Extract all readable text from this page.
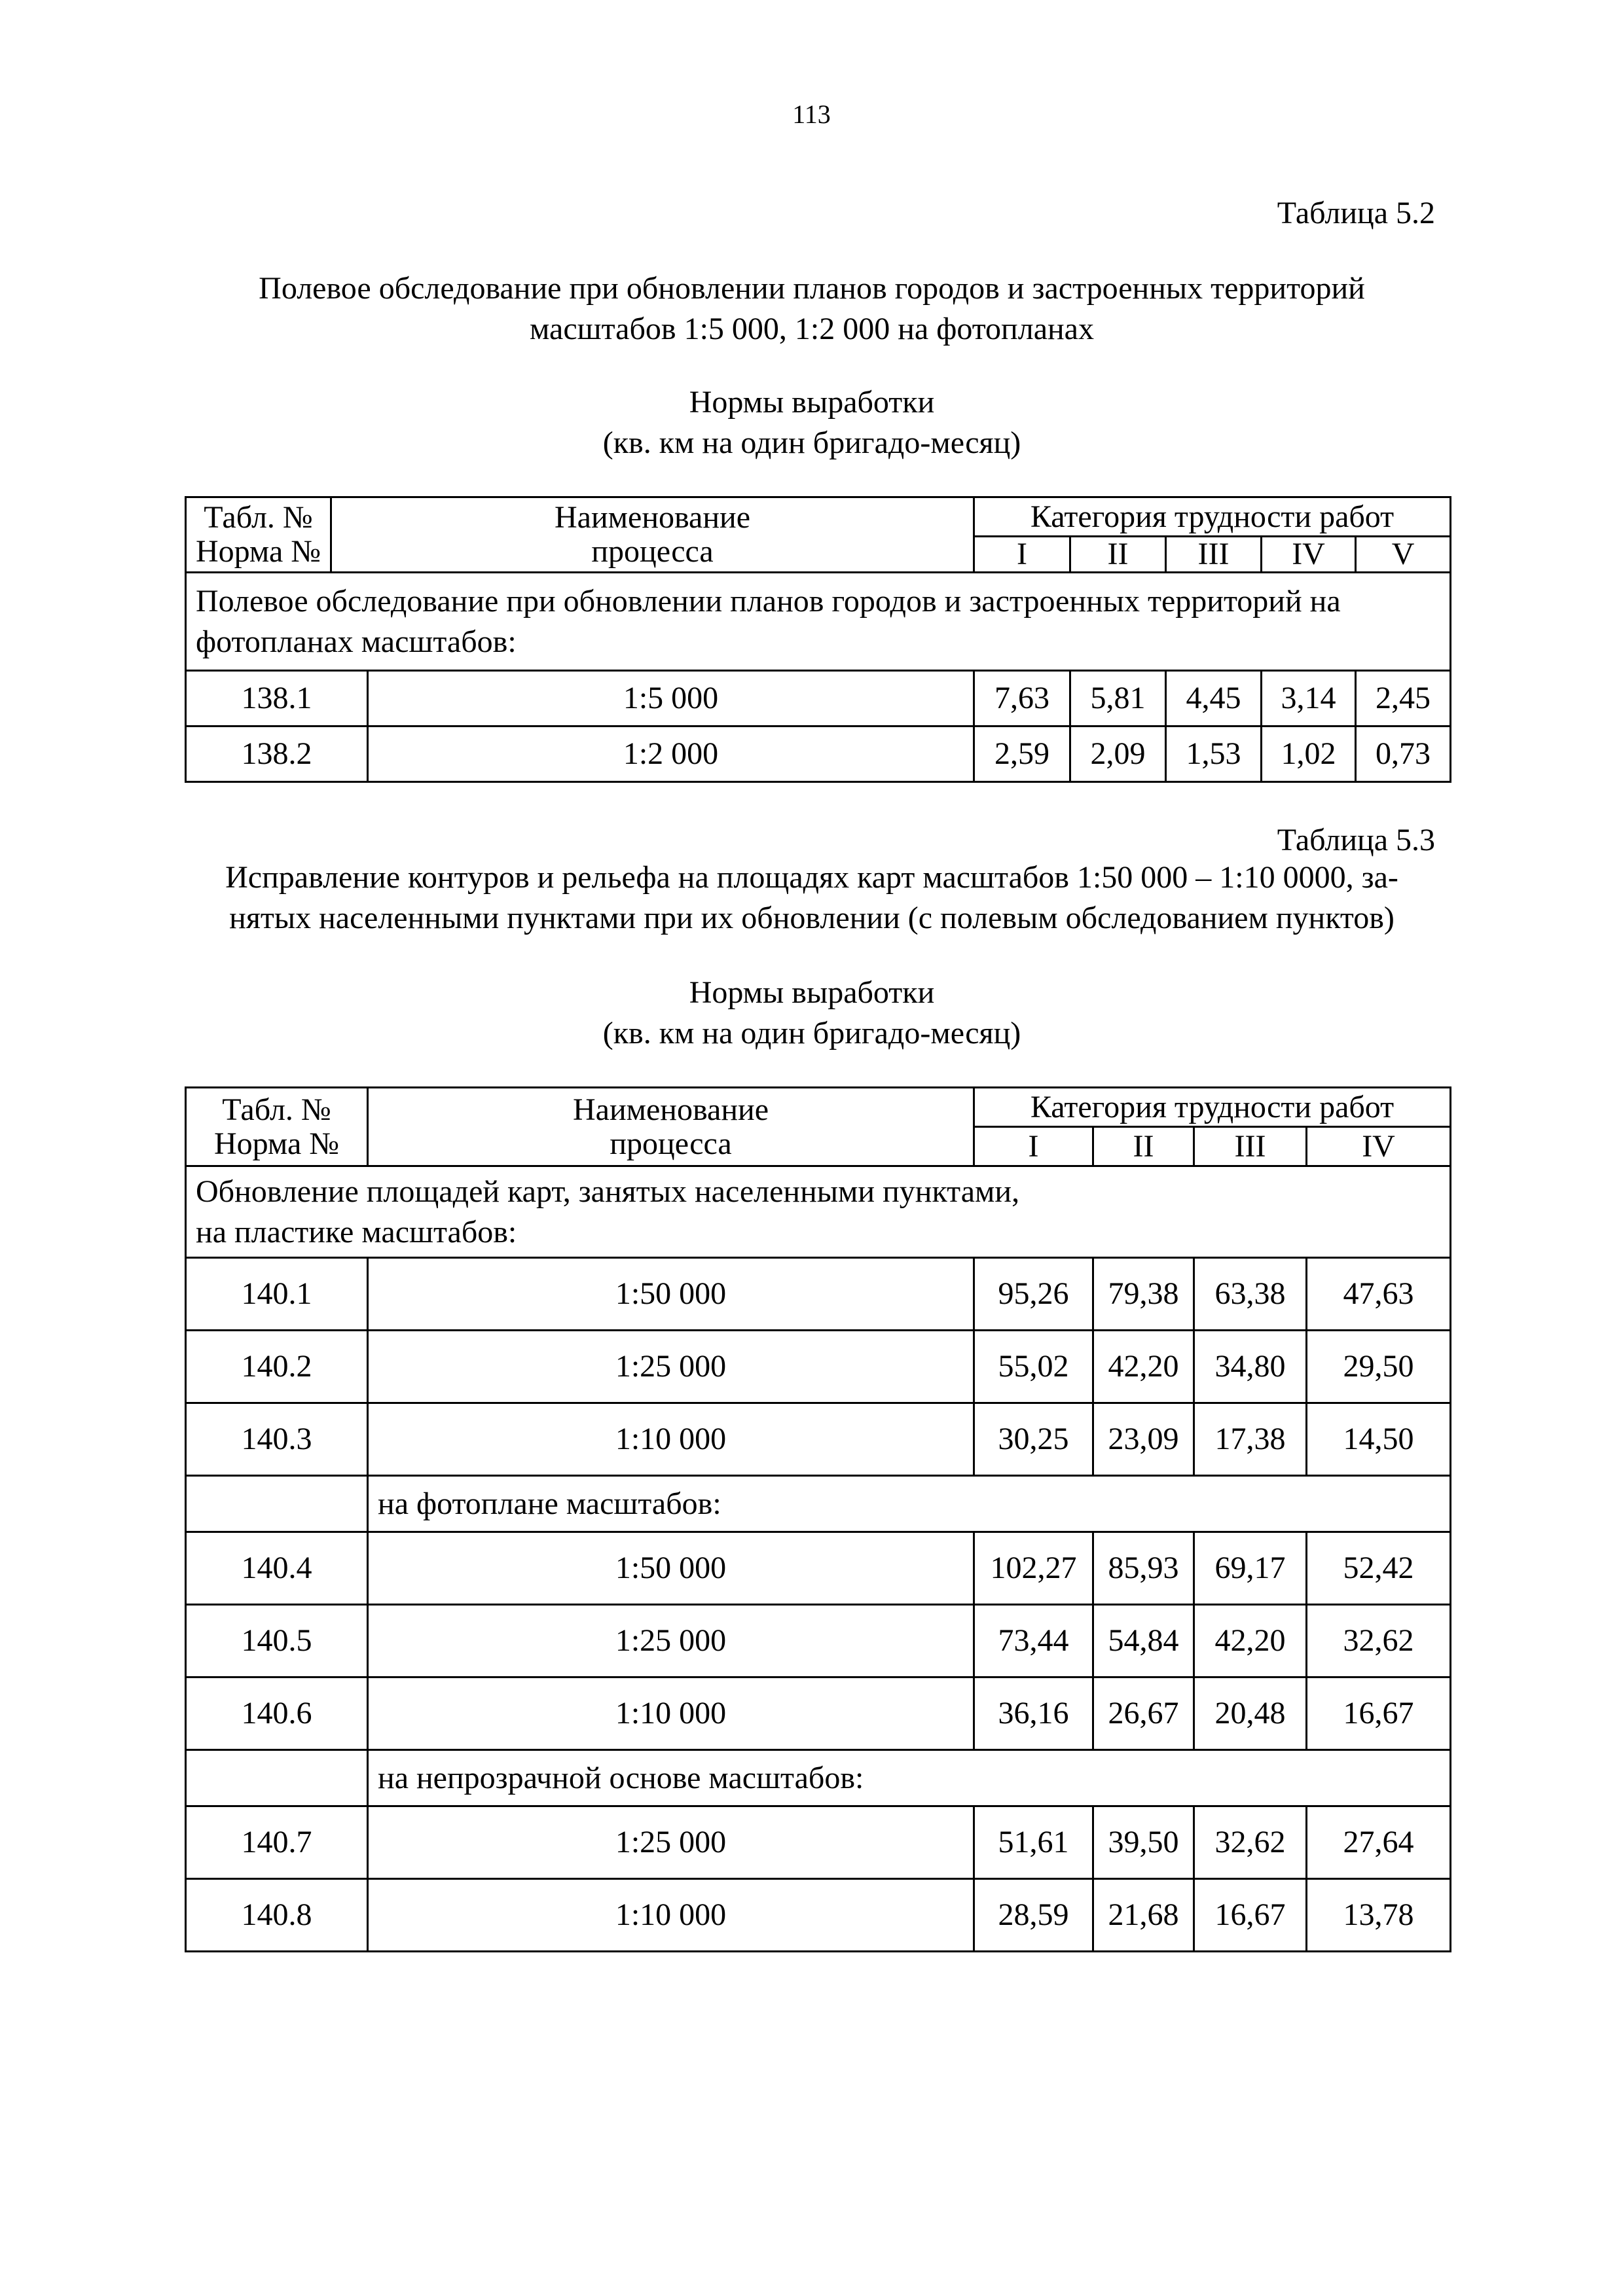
113
Таблица 5.2
Полевое обследование при обновлении планов городов и застроенных территорий
масштабов 1:5 000, 1:2 000 на фотопланах
Нормы выработки
(кв. км на один бригадо-месяц)
Табл. №
Норма №	Наименование
процесса		Категория трудности работ				
			I	II	III	IV	V
Полевое обследование при обновлении планов городов и застроенных территорий на фотопланах масштабов:							
138.1		1:5 000	7,63	5,81	4,45	3,14	2,45
138.2		1:2 000	2,59	2,09	1,53	1,02	0,73
Таблица 5.3
Исправление контуров и рельефа на площадях карт масштабов 1:50 000 – 1:10 0000, за-
нятых населенными пунктами при их обновлении (с полевым обследованием пунктов)
Нормы выработки
(кв. км на один бригадо-месяц)
Табл. №
Норма №	Наименование
процесса	Категория трудности работ			
		I	II	III	IV

Обновление площадей карт, занятых населенными пунктами,
на пластике масштабов:					

140.1	1:50 000	95,26	79,38	63,38	47,63
140.2	1:25 000	55,02	42,20	34,80	29,50
140.3	1:10 000	30,25	23,09	17,38	14,50
	на фотоплане масштабов:				
140.4	1:50 000	102,27	85,93	69,17	52,42
140.5	1:25 000	73,44	54,84	42,20	32,62
140.6	1:10 000	36,16	26,67	20,48	16,67
	на непрозрачной основе масштабов:				
140.7	1:25 000	51,61	39,50	32,62	27,64
140.8	1:10 000	28,59	21,68	16,67	13,78
